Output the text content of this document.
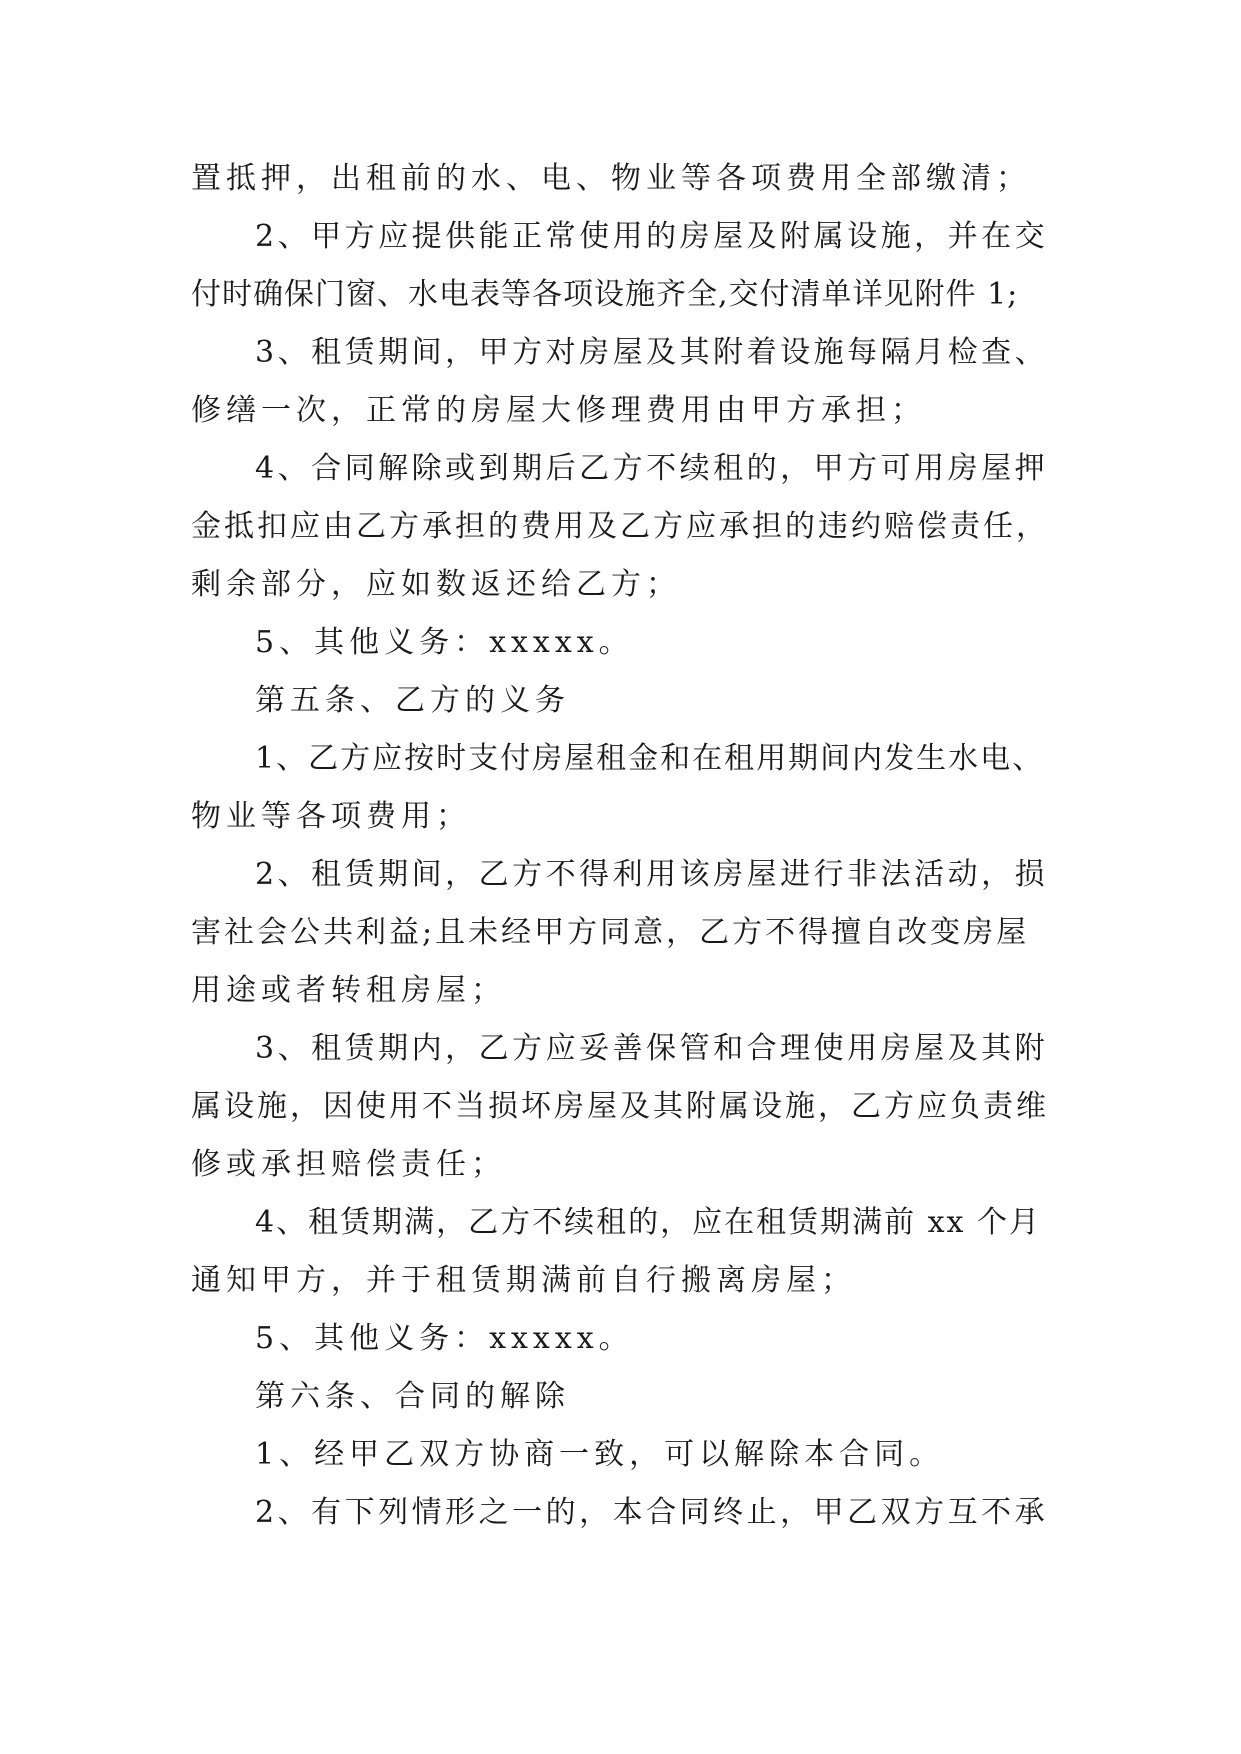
置抵押，出租前的水、电、物业等各项费用全部缴清；
2、甲方应提供能正常使用的房屋及附属设施，并在交
付时确保门窗、水电表等各项设施齐全,交付清单详见附件 1;
3、租赁期间，甲方对房屋及其附着设施每隔月检查、
修缮一次，正常的房屋大修理费用由甲方承担；
4、合同解除或到期后乙方不续租的，甲方可用房屋押
金抵扣应由乙方承担的费用及乙方应承担的违约赔偿责任，
剩余部分，应如数返还给乙方；
5、其他义务：xxxxx。
第五条、乙方的义务
1、乙方应按时支付房屋租金和在租用期间内发生水电、
物业等各项费用；
2、租赁期间，乙方不得利用该房屋进行非法活动，损
害社会公共利益;且未经甲方同意，乙方不得擅自改变房屋
用途或者转租房屋；
3、租赁期内，乙方应妥善保管和合理使用房屋及其附
属设施，因使用不当损坏房屋及其附属设施，乙方应负责维
修或承担赔偿责任；
4、租赁期满，乙方不续租的，应在租赁期满前 xx 个月
通知甲方，并于租赁期满前自行搬离房屋；
5、其他义务：xxxxx。
第六条、合同的解除
1、经甲乙双方协商一致，可以解除本合同。
2、有下列情形之一的，本合同终止，甲乙双方互不承
